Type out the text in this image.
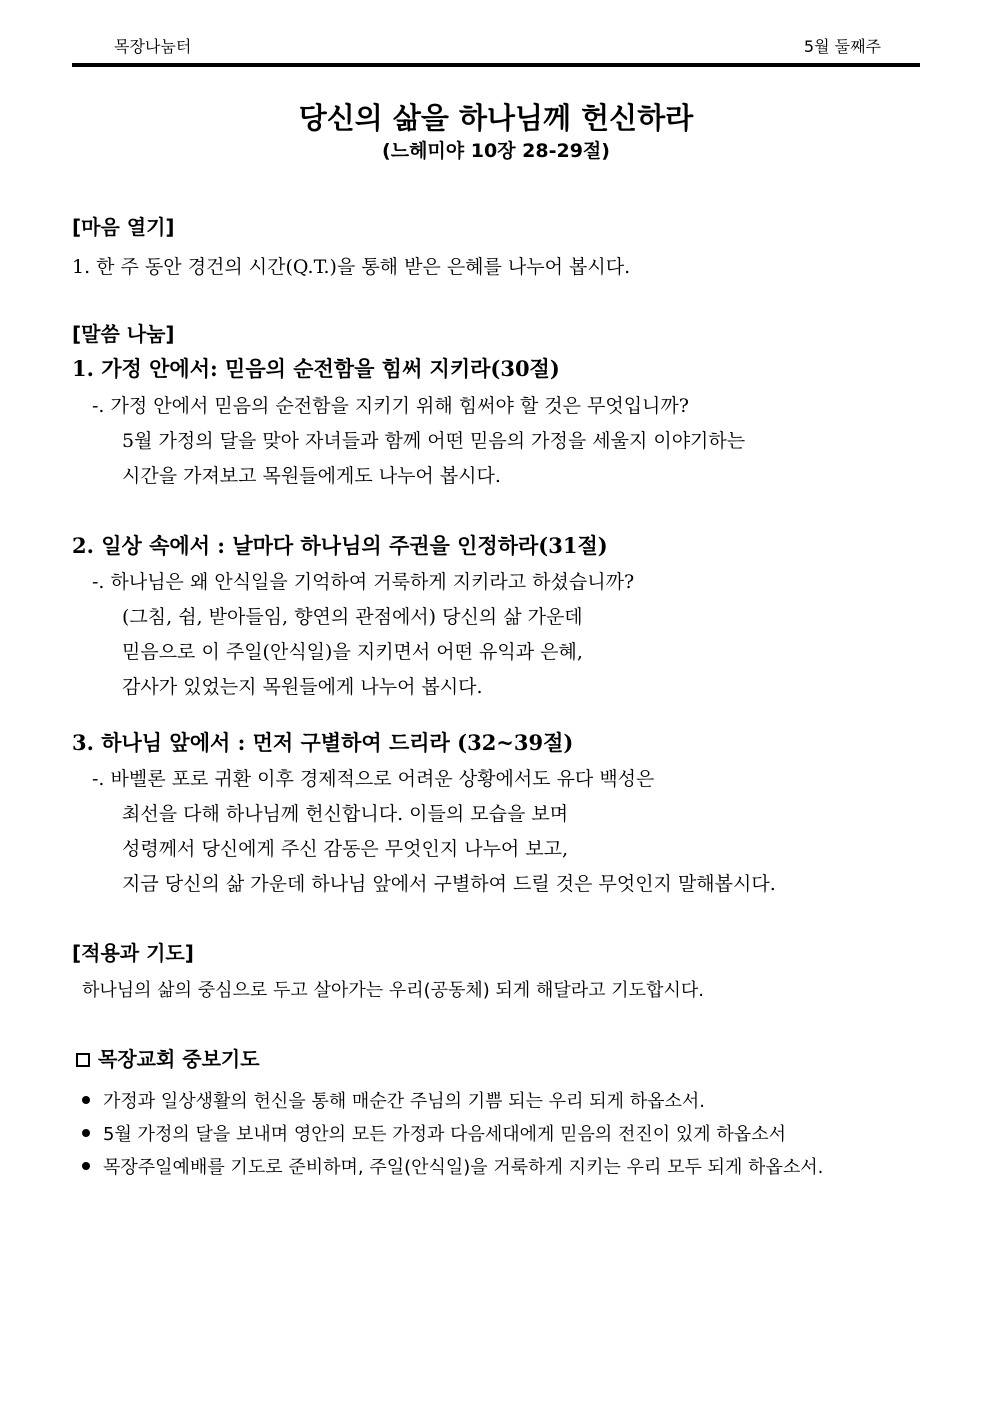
목장나눔터	5월 둘째주
당신의 삶을 하나님께 헌신하라
(느헤미야 10장 28-29절)
[마음 열기]
1. 한 주 동안 경건의 시간(Q.T.)을 통해 받은 은혜를 나누어 봅시다.
[말씀 나눔]
1. 가정 안에서: 믿음의 순전함을 힘써 지키라(30절)
-. 가정 안에서 믿음의 순전함을 지키기 위해 힘써야 할 것은 무엇입니까?
5월 가정의 달을 맞아 자녀들과 함께 어떤 믿음의 가정을 세울지 이야기하는
시간을 가져보고 목원들에게도 나누어 봅시다.
2. 일상 속에서 : 날마다 하나님의 주권을 인정하라(31절)
-. 하나님은 왜 안식일을 기억하여 거룩하게 지키라고 하셨습니까?
(그침, 쉼, 받아들임, 향연의 관점에서) 당신의 삶 가운데
믿음으로 이 주일(안식일)을 지키면서 어떤 유익과 은혜,
감사가 있었는지 목원들에게 나누어 봅시다.
3. 하나님 앞에서 : 먼저 구별하여 드리라 (32~39절)
-. 바벨론 포로 귀환 이후 경제적으로 어려운 상황에서도 유다 백성은
최선을 다해 하나님께 헌신합니다. 이들의 모습을 보며
성령께서 당신에게 주신 감동은 무엇인지 나누어 보고,
지금 당신의 삶 가운데 하나님 앞에서 구별하여 드릴 것은 무엇인지 말해봅시다.
[적용과 기도]
하나님의 삶의 중심으로 두고 살아가는 우리(공동체) 되게 해달라고 기도합시다.
목장교회 중보기도
가정과 일상생활의 헌신을 통해 매순간 주님의 기쁨 되는 우리 되게 하옵소서.
5월 가정의 달을 보내며 영안의 모든 가정과 다음세대에게 믿음의 전진이 있게 하옵소서
목장주일예배를 기도로 준비하며, 주일(안식일)을 거룩하게 지키는 우리 모두 되게 하옵소서.
